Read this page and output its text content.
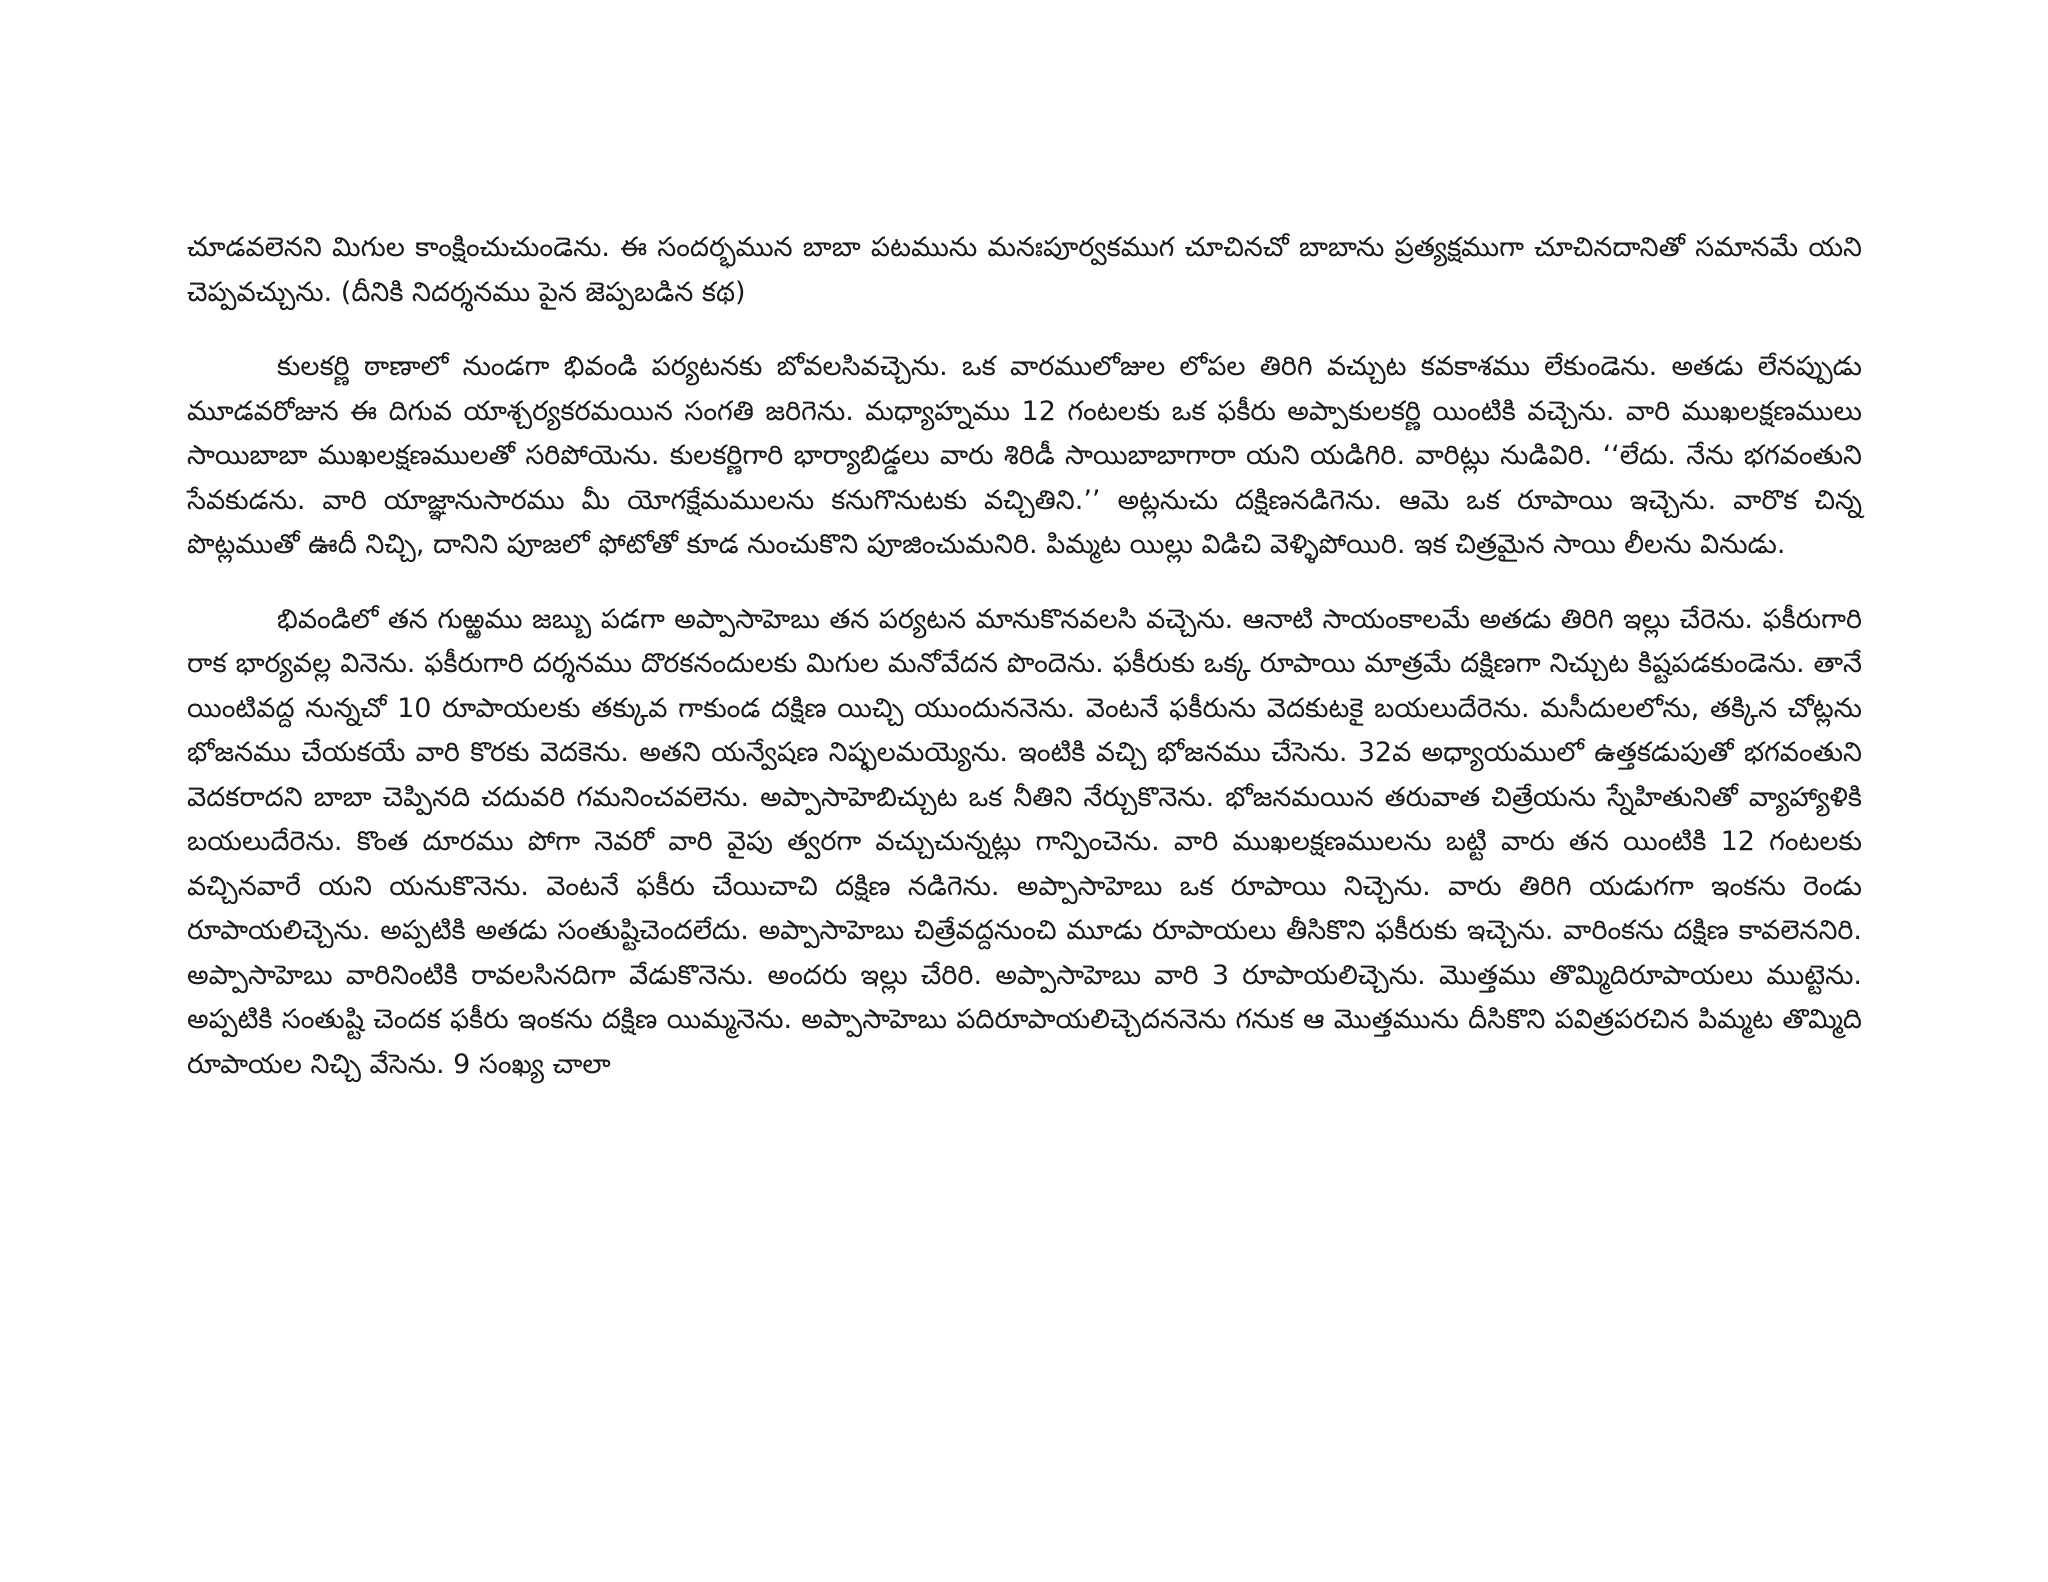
చూడవలెనని మిగుల కాంక్షించుచుండెను. ఈ సందర్భమున బాబా పటమును మనఃపూర్వకముగ చూచినచో బాబాను ప్రత్యక్షముగా చూచినదానితో సమానమే యని చెప్పవచ్చును. (దీనికి నిదర్శనము పైన జెప్పబడిన కథ)

కులకర్ణి ఠాణాలో నుండగా భివండి పర్యటనకు బోవలసివచ్చెను. ఒక వారములోజుల లోపల తిరిగి వచ్చుట కవకాశము లేకుండెను. అతడు లేనప్పుడు మూడవరోజున ఈ దిగువ యాశ్చర్యకరమయిన సంగతి జరిగెను. మధ్యాహ్నము 12 గంటలకు ఒక ఫకీరు అప్పాకులకర్ణి యింటికి వచ్చెను. వారి ముఖలక్షణములు సాయిబాబా ముఖలక్షణములతో సరిపోయెను. కులకర్ణిగారి భార్యాబిడ్డలు వారు శిరిడీ సాయిబాబాగారా యని యడిగిరి. వారిట్లు నుడివిరి. ‘‘లేదు. నేను భగవంతుని సేవకుడను. వారి యాజ్ఞానుసారము మీ యోగక్షేమములను కనుగొనుటకు వచ్చితిని.’’ అట్లనుచు దక్షిణనడిగెను. ఆమె ఒక రూపాయి ఇచ్చెను. వారొక చిన్న పొట్లముతో ఊదీ నిచ్చి, దానిని పూజలో ఫోటోతో కూడ నుంచుకొని పూజించుమనిరి. పిమ్మట యిల్లు విడిచి వెళ్ళిపోయిరి. ఇక చిత్రమైన సాయి లీలను వినుడు.

భివండిలో తన గుఱ్ఱము జబ్బు పడగా అప్పాసాహెబు తన పర్యటన మానుకొనవలసి వచ్చెను. ఆనాటి సాయంకాలమే అతడు తిరిగి ఇల్లు చేరెను. ఫకీరుగారి రాక భార్యవల్ల వినెను. ఫకీరుగారి దర్శనము దొరకనందులకు మిగుల మనోవేదన పొందెను. ఫకీరుకు ఒక్క రూపాయి మాత్రమే దక్షిణగా నిచ్చుట కిష్టపడకుండెను. తానే యింటివద్ద నున్నచో 10 రూపాయలకు తక్కువ గాకుండ దక్షిణ యిచ్చి యుందుననెను. వెంటనే ఫకీరును వెదకుటకై బయలుదేరెను. మసీదులలోను, తక్కిన చోట్లను భోజనము చేయకయే వారి కొరకు వెదకెను. అతని యన్వేషణ నిష్ఫలమయ్యెను. ఇంటికి వచ్చి భోజనము చేసెను. 32వ అధ్యాయములో ఉత్తకడుపుతో భగవంతుని వెదకరాదని బాబా చెప్పినది చదువరి గమనించవలెను. అప్పాసాహెబిచ్చుట ఒక నీతిని నేర్చుకొనెను. భోజనమయిన తరువాత చిత్రేయను స్నేహితునితో వ్యాహ్యాళికి బయలుదేరెను. కొంత దూరము పోగా నెవరో వారి వైపు త్వరగా వచ్చుచున్నట్లు గాన్పించెను. వారి ముఖలక్షణములను బట్టి వారు తన యింటికి 12 గంటలకు వచ్చినవారే యని యనుకొనెను. వెంటనే ఫకీరు చేయిచాచి దక్షిణ నడిగెను. అప్పాసాహెబు ఒక రూపాయి నిచ్చెను. వారు తిరిగి యడుగగా ఇంకను రెండు రూపాయలిచ్చెను. అప్పటికి అతడు సంతుష్టిచెందలేదు. అప్పాసాహెబు చిత్రేవద్దనుంచి మూడు రూపాయలు తీసికొని ఫకీరుకు ఇచ్చెను. వారింకను దక్షిణ కావలెననిరి. అప్పాసాహెబు వారినింటికి రావలసినదిగా వేడుకొనెను. అందరు ఇల్లు చేరిరి. అప్పాసాహెబు వారి 3 రూపాయలిచ్చెను. మొత్తము తొమ్మిదిరూపాయలు ముట్టెను. అప్పటికి సంతుష్టి చెందక ఫకీరు ఇంకను దక్షిణ యిమ్మనెను. అప్పాసాహెబు పదిరూపాయలిచ్చెదననెను గనుక ఆ మొత్తమును దీసికొని పవిత్రపరచిన పిమ్మట తొమ్మిది రూపాయల నిచ్చి వేసెను. 9 సంఖ్య చాలా
